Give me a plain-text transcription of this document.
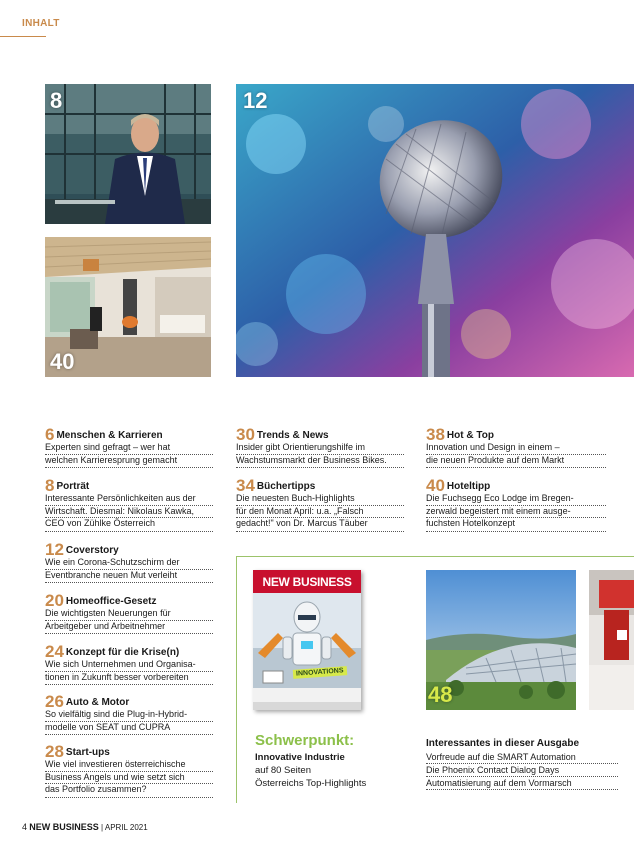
INHALT
8
40
12
6 Menschen & Karrieren
Experten sind gefragt – wer hat
welchen Karrieresprung gemacht
8 Porträt
Interessante Persönlichkeiten aus der
Wirtschaft. Diesmal: Nikolaus Kawka,
CEO von Zühlke Österreich
12 Coverstory
Wie ein Corona-Schutzschirm der
Eventbranche neuen Mut verleiht
20 Homeoffice-Gesetz
Die wichtigsten Neuerungen für
Arbeitgeber und Arbeitnehmer
24 Konzept für die Krise(n)
Wie sich Unternehmen und Organisa-
tionen in Zukunft besser vorbereiten
26 Auto & Motor
So vielfältig sind die Plug-in-Hybrid-
modelle von SEAT und CUPRA
28 Start-ups
Wie viel investieren österreichische
Business Angels und wie setzt sich
das Portfolio zusammen?
30 Trends & News
Insider gibt Orientierungshilfe im
Wachstumsmarkt der Business Bikes.
34 Büchertipps
Die neuesten Buch-Highlights
für den Monat April: u.a. „Falsch
gedacht!" von Dr. Marcus Täuber
38 Hot & Top
Innovation und Design in einem –
die neuen Produkte auf dem Markt
40 Hoteltipp
Die Fuchsegg Eco Lodge im Bregen-
zerwald begeistert mit einem ausge-
fuchsten Hotelkonzept
NEW BUSINESS
INNOVATIONS
48
Schwerpunkt:
Innovative Industrie
auf 80 Seiten
Österreichs Top-Highlights
Interessantes in dieser Ausgabe
Vorfreude auf die SMART Automation
Die Phoenix Contact Dialog Days
Automatisierung auf dem Vormarsch
4 NEW BUSINESS | APRIL 2021
